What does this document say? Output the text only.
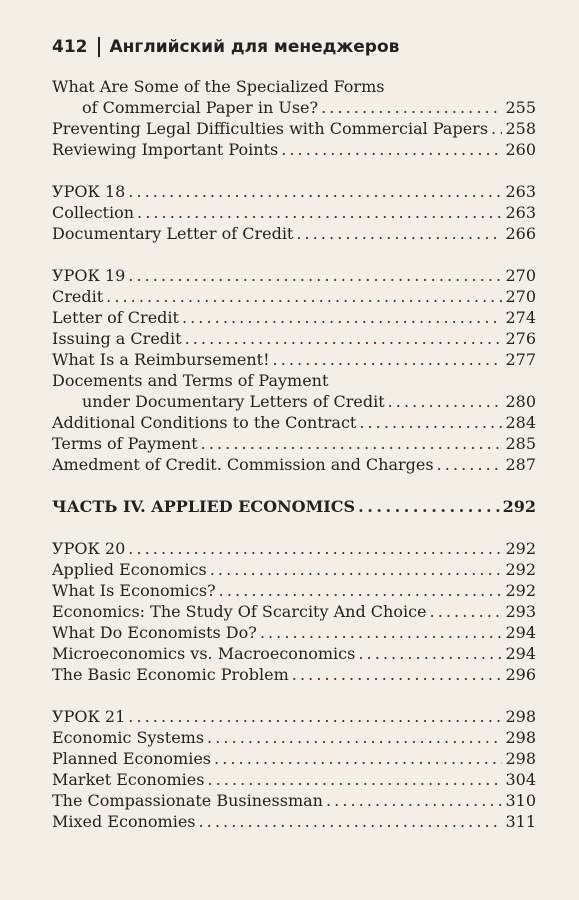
412 Английский для менеджеров
What Are Some of the Specialized Forms
of Commercial Paper in Use? . . .	255
Preventing Legal Difficulties with Commercial Papers . . . 258
Reviewing Important Points . . .	260
УРОК 18 . . .	263
Collection . . .	263
Documentary Letter of Credit . . .	266
УРОК 19 . . .	270
Credit . . .	270
Letter of Credit . . .	274
Issuing a Credit . . .	276
What Is a Reimbursement! . . .	277
Docements and Terms of Payment
under Documentary Letters of Credit . . .	280
Additional Conditions to the Contract . . .	284
Terms of Payment . . .	285
Amedment of Credit. Commission and Charges . . .	287
ЧАСТЬ IV. APPLIED ECONOMICS . . .	292
УРОК 20 . . .	292
Applied Economics . . .	292
What Is Economics? . . .	292
Economics: The Study Of Scarcity And Choice . . .	293
What Do Economists Do? . . .	294
Microeconomics vs. Macroeconomics . . .	294
The Basic Economic Problem . . .	296
УРОК 21 . . .	298
Economic Systems . . .	298
Planned Economies . . .	298
Market Economies . . .	304
The Compassionate Businessman . . .	310
Mixed Economies . . .	311
